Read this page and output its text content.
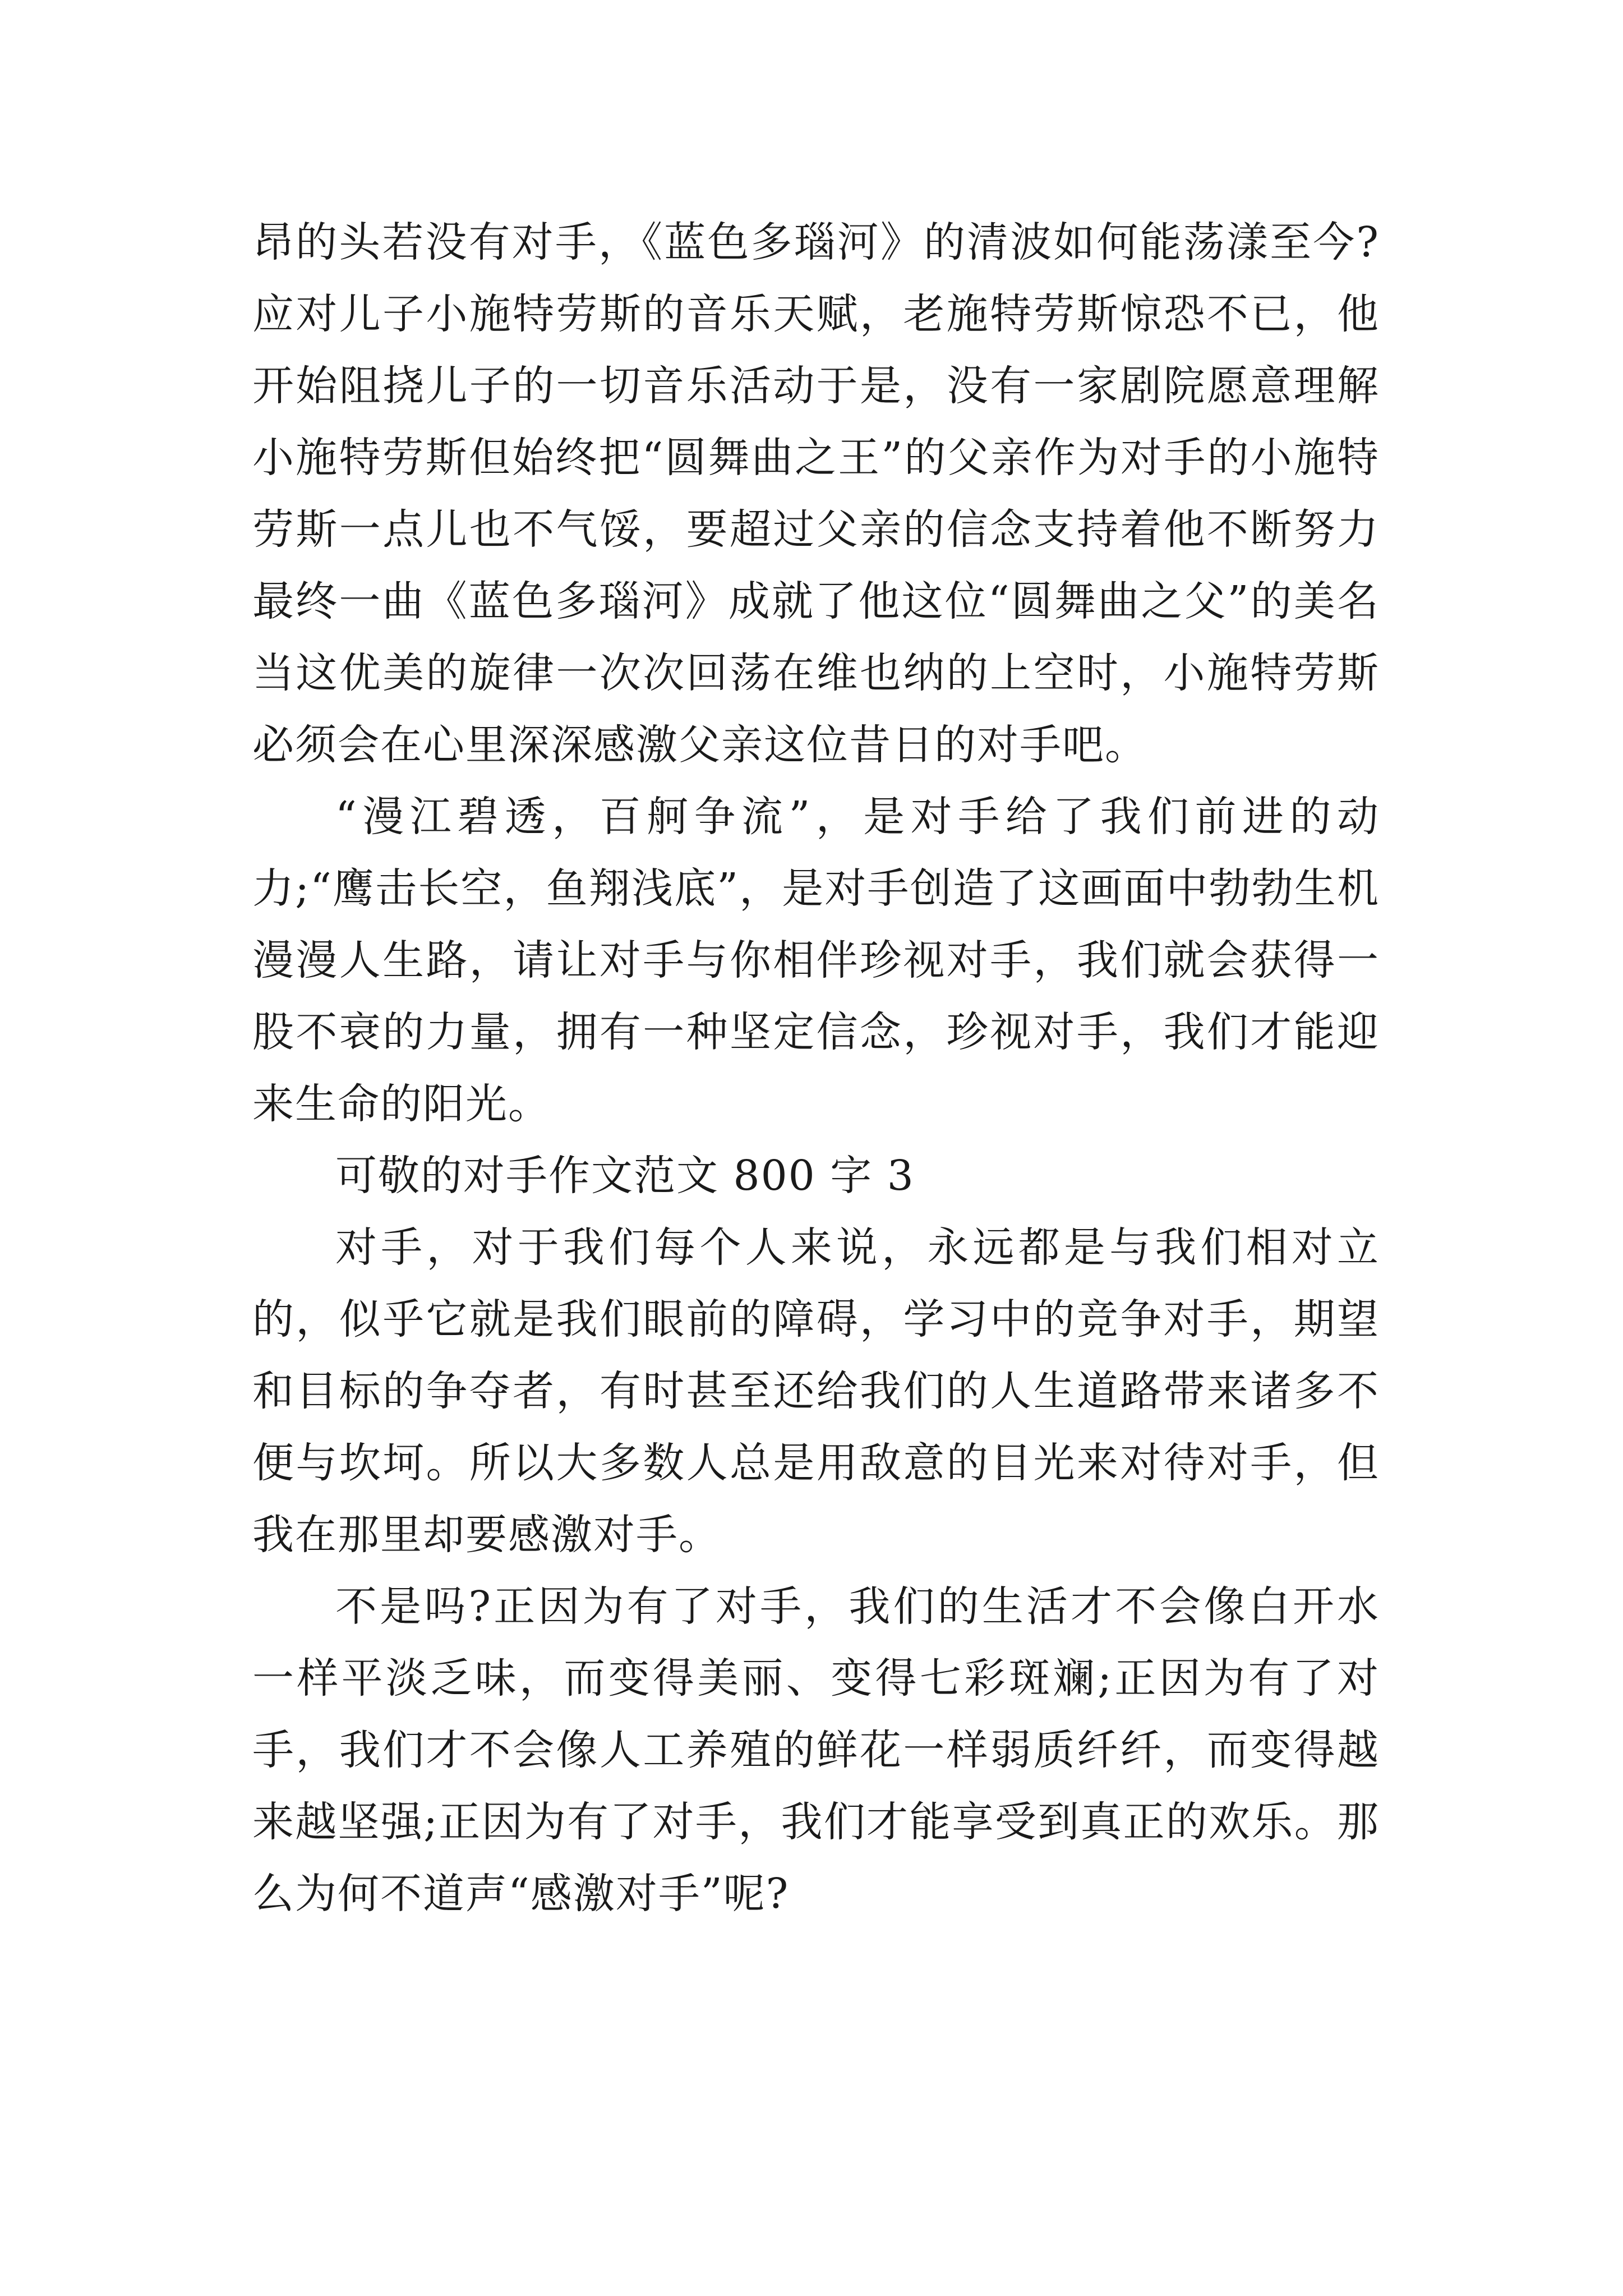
昂的头若没有对手，《蓝色多瑙河》的清波如何能荡漾至今?应对儿子小施特劳斯的音乐天赋，老施特劳斯惊恐不已，他开始阻挠儿子的一切音乐活动于是，没有一家剧院愿意理解小施特劳斯但始终把“圆舞曲之王”的父亲作为对手的小施特劳斯一点儿也不气馁，要超过父亲的信念支持着他不断努力最终一曲《蓝色多瑙河》成就了他这位“圆舞曲之父”的美名当这优美的旋律一次次回荡在维也纳的上空时，小施特劳斯必须会在心里深深感激父亲这位昔日的对手吧。

“漫江碧透，百舸争流”，是对手给了我们前进的动力;“鹰击长空，鱼翔浅底”，是对手创造了这画面中勃勃生机漫漫人生路，请让对手与你相伴珍视对手，我们就会获得一股不衰的力量，拥有一种坚定信念，珍视对手，我们才能迎来生命的阳光。

可敬的对手作文范文 800 字 3

对手，对于我们每个人来说，永远都是与我们相对立的，似乎它就是我们眼前的障碍，学习中的竞争对手，期望和目标的争夺者，有时甚至还给我们的人生道路带来诸多不便与坎坷。所以大多数人总是用敌意的目光来对待对手，但我在那里却要感激对手。

不是吗?正因为有了对手，我们的生活才不会像白开水一样平淡乏味，而变得美丽、变得七彩斑斓;正因为有了对手，我们才不会像人工养殖的鲜花一样弱质纤纤，而变得越来越坚强;正因为有了对手，我们才能享受到真正的欢乐。那么为何不道声“感激对手”呢?
